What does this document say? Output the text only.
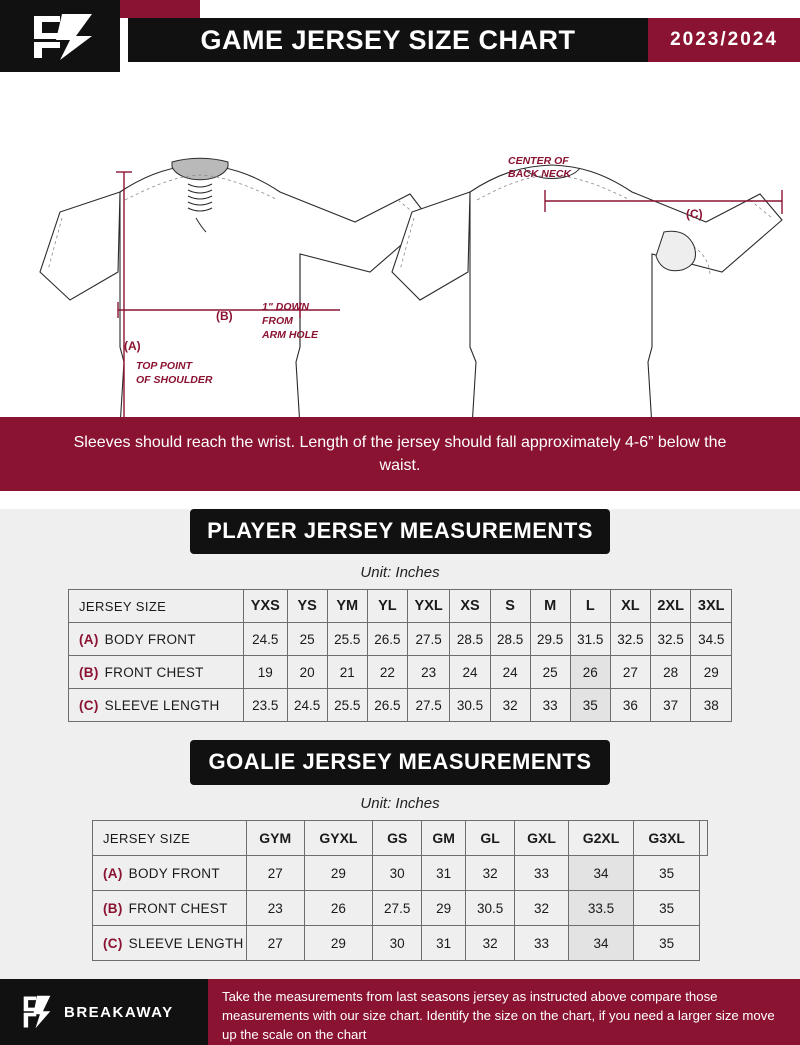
GAME JERSEY SIZE CHART	2023/2024
(B)
(A)
1" DOWN
FROM
ARM HOLE
TOP POINT
OF SHOULDER
(C)
CENTER OF
BACK NECK
Sleeves should reach the wrist. Length of the jersey should fall approximately 4-6” below the waist.
PLAYER JERSEY MEASUREMENTS
Unit: Inches
JERSEY SIZE	YXS	YS	YM	YL	YXL	XS	S	M	L	XL	2XL	3XL
(A) BODY FRONT	24.5	25	25.5	26.5	27.5	28.5	28.5	29.5	31.5	32.5	32.5	34.5
(B) FRONT CHEST	19	20	21	22	23	24	24	25	26	27	28	29
(C) SLEEVE LENGTH	23.5	24.5	25.5	26.5	27.5	30.5	32	33	35	36	37	38
GOALIE JERSEY MEASUREMENTS
Unit: Inches
JERSEY SIZE	GYM	GYXL	GS	GM	GL	GXL	G2XL	G3XL	
(A) BODY FRONT	27	29	30	31	32	33	34	35	
(B) FRONT CHEST	23	26	27.5	29	30.5	32	33.5	35	
(C) SLEEVE LENGTH	27	29	30	31	32	33	34	35	
BREAKAWAY
Take the measurements from last seasons jersey as instructed above compare those measurements with our size chart. Identify the size on the chart, if you need a larger size move up the scale on the chart
